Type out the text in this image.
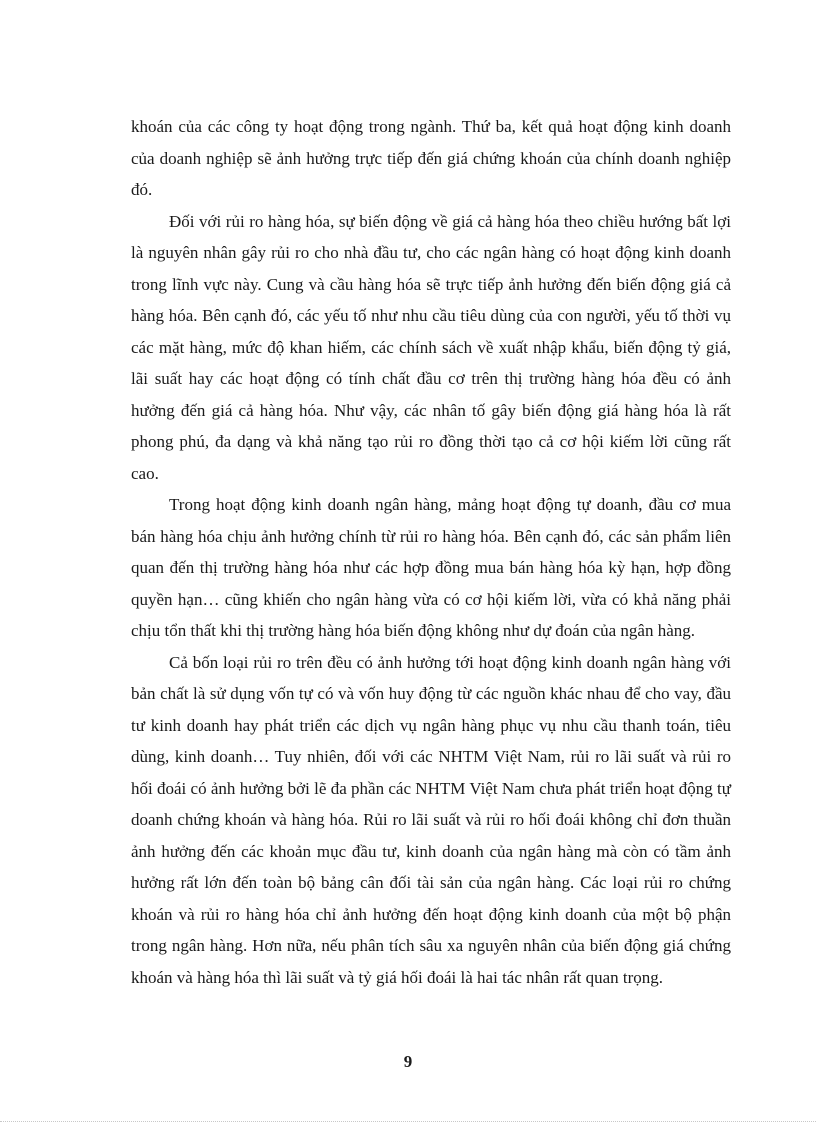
khoán của các công ty hoạt động trong ngành. Thứ ba, kết quả hoạt động kinh doanh của doanh nghiệp sẽ ảnh hưởng trực tiếp đến giá chứng khoán của chính doanh nghiệp đó.

Đối với rủi ro hàng hóa, sự biến động về giá cả hàng hóa theo chiều hướng bất lợi là nguyên nhân gây rủi ro cho nhà đầu tư, cho các ngân hàng có hoạt động kinh doanh trong lĩnh vực này. Cung và cầu hàng hóa sẽ trực tiếp ảnh hưởng đến biến động giá cả hàng hóa. Bên cạnh đó, các yếu tố như nhu cầu tiêu dùng của con người, yếu tố thời vụ các mặt hàng, mức độ khan hiếm, các chính sách về xuất nhập khẩu, biến động tỷ giá, lãi suất hay các hoạt động có tính chất đầu cơ trên thị trường hàng hóa đều có ảnh hưởng đến giá cả hàng hóa. Như vậy, các nhân tố gây biến động giá hàng hóa là rất phong phú, đa dạng và khả năng tạo rủi ro đồng thời tạo cả cơ hội kiếm lời cũng rất cao.

Trong hoạt động kinh doanh ngân hàng, mảng hoạt động tự doanh, đầu cơ mua bán hàng hóa chịu ảnh hưởng chính từ rủi ro hàng hóa. Bên cạnh đó, các sản phẩm liên quan đến thị trường hàng hóa như các hợp đồng mua bán hàng hóa kỳ hạn, hợp đồng quyền hạn… cũng khiến cho ngân hàng vừa có cơ hội kiếm lời, vừa có khả năng phải chịu tổn thất khi thị trường hàng hóa biến động không như dự đoán của ngân hàng.

Cả bốn loại rủi ro trên đều có ảnh hưởng tới hoạt động kinh doanh ngân hàng với bản chất là sử dụng vốn tự có và vốn huy động từ các nguồn khác nhau để cho vay, đầu tư kinh doanh hay phát triển các dịch vụ ngân hàng phục vụ nhu cầu thanh toán, tiêu dùng, kinh doanh… Tuy nhiên, đối với các NHTM Việt Nam, rủi ro lãi suất và rủi ro hối đoái có ảnh hưởng bởi lẽ đa phần các NHTM Việt Nam chưa phát triển hoạt động tự doanh chứng khoán và hàng hóa. Rủi ro lãi suất và rủi ro hối đoái không chỉ đơn thuần ảnh hưởng đến các khoản mục đầu tư, kinh doanh của ngân hàng mà còn có tầm ảnh hưởng rất lớn đến toàn bộ bảng cân đối tài sản của ngân hàng. Các loại rủi ro chứng khoán và rủi ro hàng hóa chỉ ảnh hưởng đến hoạt động kinh doanh của một bộ phận trong ngân hàng. Hơn nữa, nếu phân tích sâu xa nguyên nhân của biến động giá chứng khoán và hàng hóa thì lãi suất và tỷ giá hối đoái là hai tác nhân rất quan trọng.

9
